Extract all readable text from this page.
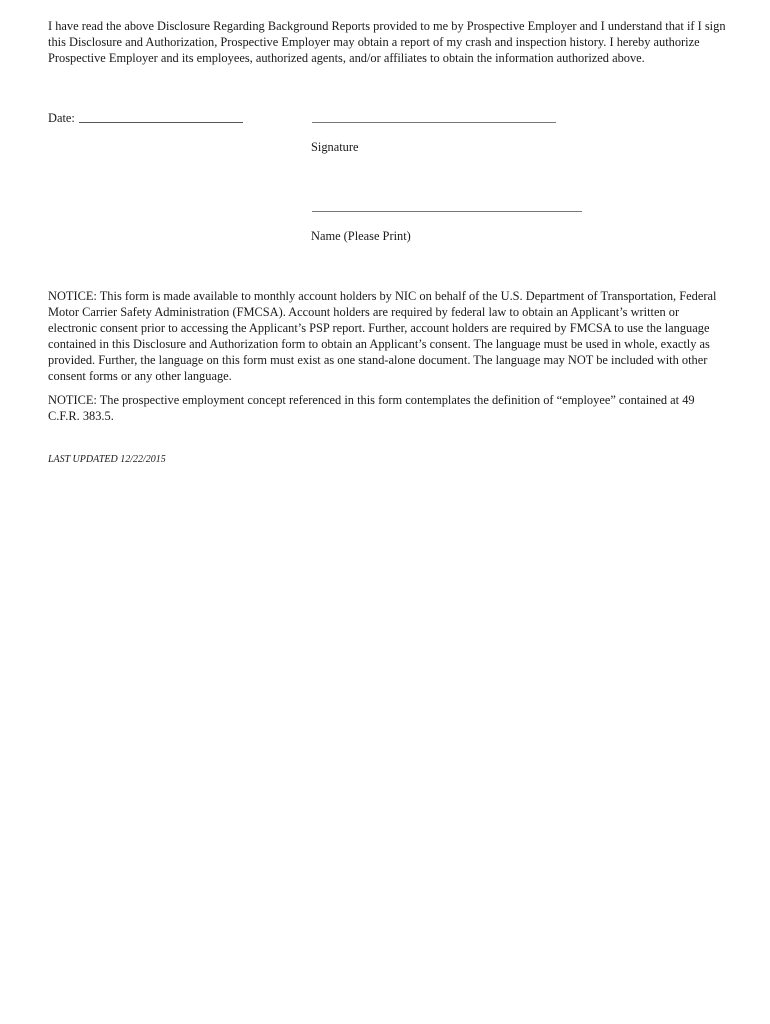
I have read the above Disclosure Regarding Background Reports provided to me by Prospective Employer and I understand that if I sign this Disclosure and Authorization, Prospective Employer may obtain a report of my crash and inspection history. I hereby authorize Prospective Employer and its employees, authorized agents, and/or affiliates to obtain the information authorized above.

Date:
Signature
Name (Please Print)

NOTICE: This form is made available to monthly account holders by NIC on behalf of the U.S. Department of Transportation, Federal Motor Carrier Safety Administration (FMCSA). Account holders are required by federal law to obtain an Applicant’s written or electronic consent prior to accessing the Applicant’s PSP report. Further, account holders are required by FMCSA to use the language contained in this Disclosure and Authorization form to obtain an Applicant’s consent. The language must be used in whole, exactly as provided. Further, the language on this form must exist as one stand-alone document. The language may NOT be included with other consent forms or any other language.

NOTICE: The prospective employment concept referenced in this form contemplates the definition of “employee” contained at 49 C.F.R. 383.5.

LAST UPDATED 12/22/2015
